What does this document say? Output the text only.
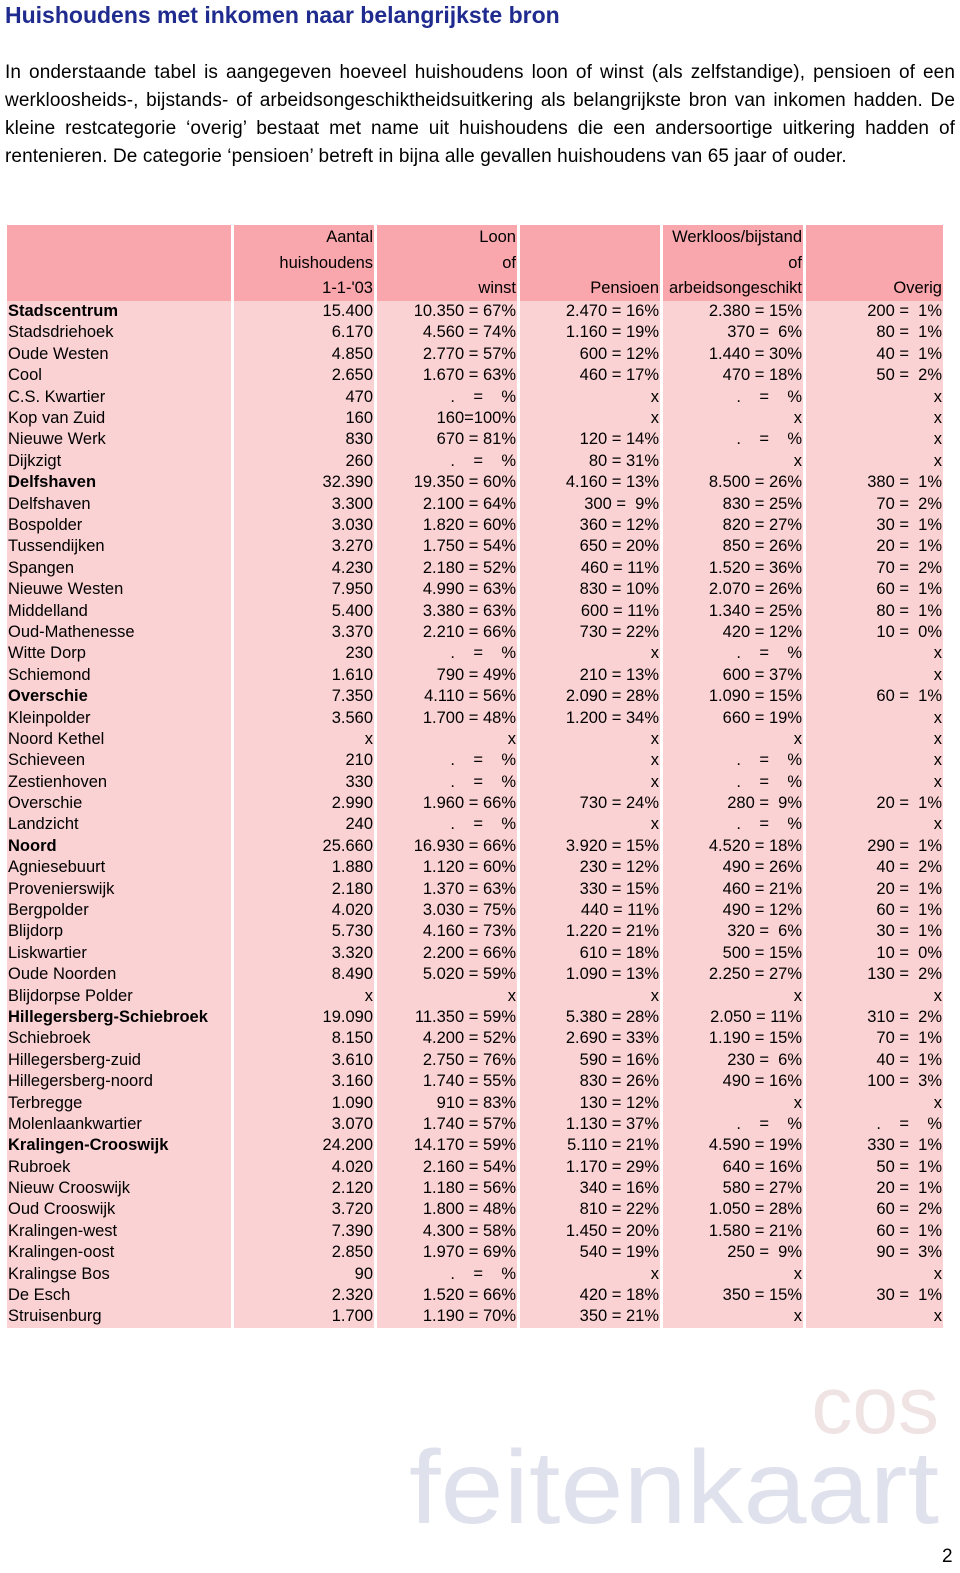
Huishoudens met inkomen naar belangrijkste bron

In onderstaande tabel is aangegeven hoeveel huishoudens loon of winst (als zelfstandige), pensioen of een werkloosheids-, bijstands- of arbeidsongeschiktheidsuitkering als belangrijkste bron van inkomen hadden. De kleine restcategorie ‘overig’ bestaat met name uit huishoudens die een andersoortige uitkering hadden of rentenieren. De categorie ‘pensioen’ betreft in bijna alle gevallen huishoudens van 65 jaar of ouder.

	Aantal	Loon		Werkloos/bijstand	
	huishoudens	of		of	
	1-1-'03	winst	Pensioen	arbeidsongeschikt	Overig
Stadscentrum	15.400	10.350 = 67%	2.470 = 16%	2.380 = 15%	200 =  1%
Stadsdriehoek	6.170	4.560 = 74%	1.160 = 19%	370 =  6%	80 =  1%
Oude Westen	4.850	2.770 = 57%	600 = 12%	1.440 = 30%	40 =  1%
Cool	2.650	1.670 = 63%	460 = 17%	470 = 18%	50 =  2%
C.S. Kwartier	470	.    =    %	x	.    =    %	x
Kop van Zuid	160	160=100%	x	x	x
Nieuwe Werk	830	670 = 81%	120 = 14%	.    =    %	x
Dijkzigt	260	.    =    %	80 = 31%	x	x
Delfshaven	32.390	19.350 = 60%	4.160 = 13%	8.500 = 26%	380 =  1%
Delfshaven	3.300	2.100 = 64%	300 =  9%	830 = 25%	70 =  2%
Bospolder	3.030	1.820 = 60%	360 = 12%	820 = 27%	30 =  1%
Tussendijken	3.270	1.750 = 54%	650 = 20%	850 = 26%	20 =  1%
Spangen	4.230	2.180 = 52%	460 = 11%	1.520 = 36%	70 =  2%
Nieuwe Westen	7.950	4.990 = 63%	830 = 10%	2.070 = 26%	60 =  1%
Middelland	5.400	3.380 = 63%	600 = 11%	1.340 = 25%	80 =  1%
Oud-Mathenesse	3.370	2.210 = 66%	730 = 22%	420 = 12%	10 =  0%
Witte Dorp	230	.    =    %	x	.    =    %	x
Schiemond	1.610	790 = 49%	210 = 13%	600 = 37%	x
Overschie	7.350	4.110 = 56%	2.090 = 28%	1.090 = 15%	60 =  1%
Kleinpolder	3.560	1.700 = 48%	1.200 = 34%	660 = 19%	x
Noord Kethel	x	x	x	x	x
Schieveen	210	.    =    %	x	.    =    %	x
Zestienhoven	330	.    =    %	x	.    =    %	x
Overschie	2.990	1.960 = 66%	730 = 24%	280 =  9%	20 =  1%
Landzicht	240	.    =    %	x	.    =    %	x
Noord	25.660	16.930 = 66%	3.920 = 15%	4.520 = 18%	290 =  1%
Agniesebuurt	1.880	1.120 = 60%	230 = 12%	490 = 26%	40 =  2%
Provenierswijk	2.180	1.370 = 63%	330 = 15%	460 = 21%	20 =  1%
Bergpolder	4.020	3.030 = 75%	440 = 11%	490 = 12%	60 =  1%
Blijdorp	5.730	4.160 = 73%	1.220 = 21%	320 =  6%	30 =  1%
Liskwartier	3.320	2.200 = 66%	610 = 18%	500 = 15%	10 =  0%
Oude Noorden	8.490	5.020 = 59%	1.090 = 13%	2.250 = 27%	130 =  2%
Blijdorpse Polder	x	x	x	x	x
Hillegersberg-Schiebroek	19.090	11.350 = 59%	5.380 = 28%	2.050 = 11%	310 =  2%
Schiebroek	8.150	4.200 = 52%	2.690 = 33%	1.190 = 15%	70 =  1%
Hillegersberg-zuid	3.610	2.750 = 76%	590 = 16%	230 =  6%	40 =  1%
Hillegersberg-noord	3.160	1.740 = 55%	830 = 26%	490 = 16%	100 =  3%
Terbregge	1.090	910 = 83%	130 = 12%	x	x
Molenlaankwartier	3.070	1.740 = 57%	1.130 = 37%	.    =    %	.    =    %
Kralingen-Crooswijk	24.200	14.170 = 59%	5.110 = 21%	4.590 = 19%	330 =  1%
Rubroek	4.020	2.160 = 54%	1.170 = 29%	640 = 16%	50 =  1%
Nieuw Crooswijk	2.120	1.180 = 56%	340 = 16%	580 = 27%	20 =  1%
Oud Crooswijk	3.720	1.800 = 48%	810 = 22%	1.050 = 28%	60 =  2%
Kralingen-west	7.390	4.300 = 58%	1.450 = 20%	1.580 = 21%	60 =  1%
Kralingen-oost	2.850	1.970 = 69%	540 = 19%	250 =  9%	90 =  3%
Kralingse Bos	90	.    =    %	x	x	x
De Esch	2.320	1.520 = 66%	420 = 18%	350 = 15%	30 =  1%
Struisenburg	1.700	1.190 = 70%	350 = 21%	x	x
cos
feitenkaart
2
